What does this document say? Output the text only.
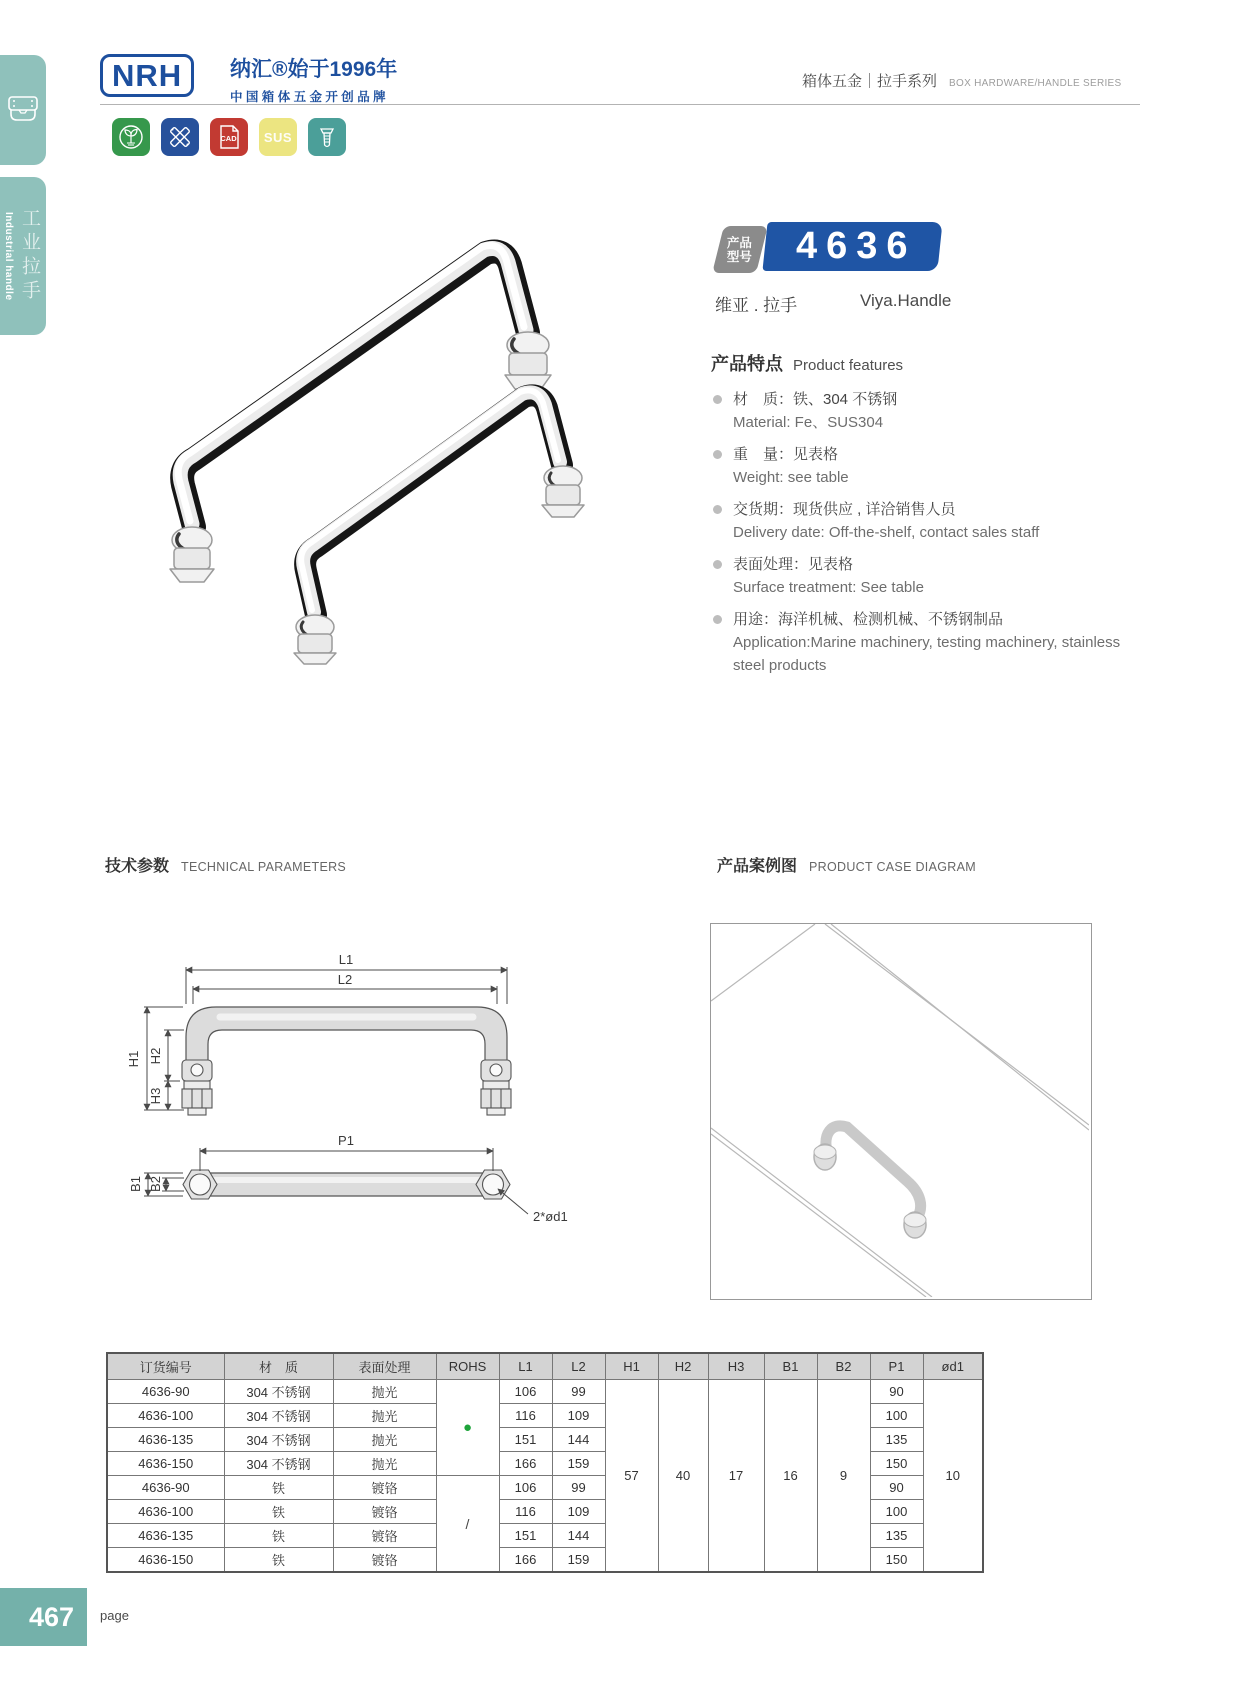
Industrial handle 工业拉手
NRH	纳汇®始于1996年
中国箱体五金开创品牌
箱体五金｜拉手系列 BOX HARDWARE/HANDLE SERIES
CAD SUS
产品
型号 4636
维亚 . 拉手	Viya.Handle
产品特点 Product features
材　质：铁、304 不锈钢
Material: Fe、SUS304
重　量：见表格
Weight: see table
交货期：现货供应 , 详洽销售人员
Delivery date: Off-the-shelf, contact sales staff
表面处理：见表格
Surface treatment: See table
用途：海洋机械、检测机械、不锈钢制品
Application:Marine machinery, testing machinery, stainless steel products
技术参数 TECHNICAL PARAMETERS	产品案例图 PRODUCT CASE DIAGRAM
L1
L2
H1 H2
H3
P1
B1 B2
2*ød1
订货编号	材　质	表面处理	ROHS	L1	L2	H1	H2	H3	B1	B2	P1	ød1
4636-90	304 不锈钢	抛光	●	106	99	57	40	17	16	9	90	10
4636-100	304 不锈钢	抛光		116	109						100	
4636-135	304 不锈钢	抛光		151	144						135	
4636-150	304 不锈钢	抛光		166	159						150	
4636-90	铁	镀铬	/	106	99						90	
4636-100	铁	镀铬		116	109						100	
4636-135	铁	镀铬		151	144						135	
4636-150	铁	镀铬		166	159						150	
467	page
